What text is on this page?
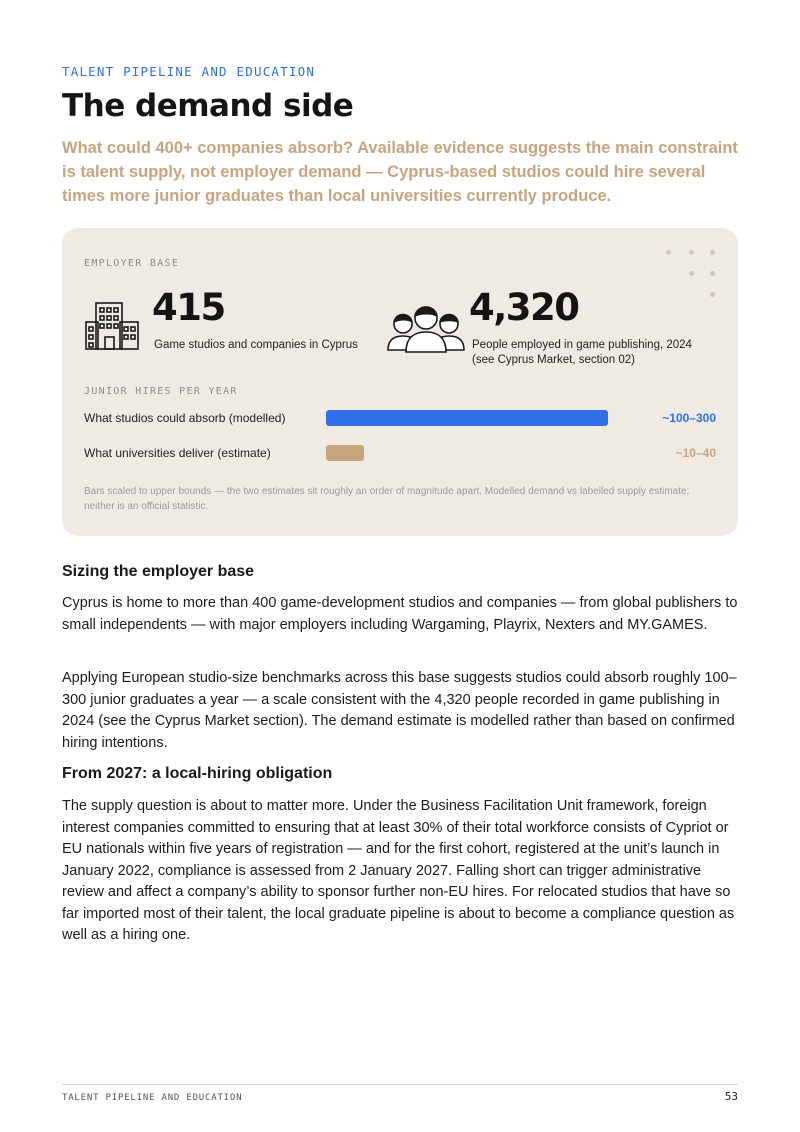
TALENT PIPELINE AND EDUCATION
The demand side

What could 400+ companies absorb? Available evidence suggests the main constraint is talent supply, not employer demand — Cyprus-based studios could hire several times more junior graduates than local universities currently produce.

EMPLOYER BASE
415
Game studios and companies in Cyprus
4,320
People employed in game publishing, 2024
(see Cyprus Market, section 02)
JUNIOR HIRES PER YEAR
What studios could absorb (modelled)	~100–300
What universities deliver (estimate)	~10–40
Bars scaled to upper bounds — the two estimates sit roughly an order of magnitude apart. Modelled demand vs labelled supply estimate; neither is an official statistic.
Sizing the employer base

Cyprus is home to more than 400 game-development studios and companies — from global publishers to small independents — with major employers including Wargaming, Playrix, Nexters and MY.GAMES.

Applying European studio-size benchmarks across this base suggests studios could absorb roughly 100–300 junior graduates a year — a scale consistent with the 4,320 people recorded in game publishing in 2024 (see the Cyprus Market section). The demand estimate is modelled rather than based on confirmed hiring intentions.

From 2027: a local-hiring obligation

The supply question is about to matter more. Under the Business Facilitation Unit framework, foreign interest companies committed to ensuring that at least 30% of their total workforce consists of Cypriot or EU nationals within five years of registration — and for the first cohort, registered at the unit’s launch in January 2022, compliance is assessed from 2 January 2027. Falling short can trigger administrative review and affect a company’s ability to sponsor further non-EU hires. For relocated studios that have so far imported most of their talent, the local graduate pipeline is about to become a compliance question as well as a hiring one.

TALENT PIPELINE AND EDUCATION	53
